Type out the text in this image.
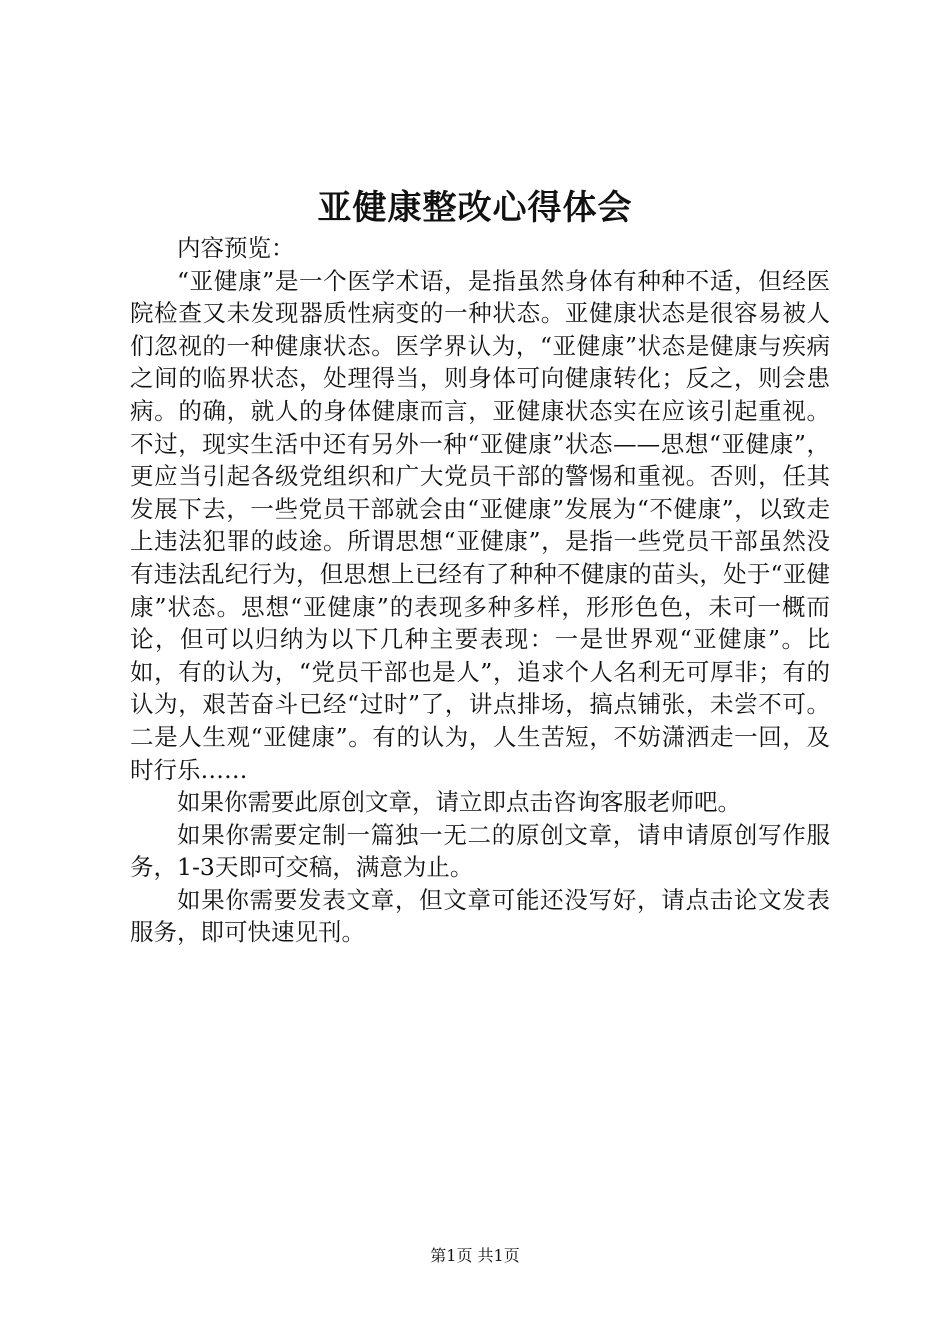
亚健康整改心得体会

内容预览：

“亚健康”是一个医学术语，是指虽然身体有种种不适，但经医院检查又未发现器质性病变的一种状态。亚健康状态是很容易被人们忽视的一种健康状态。医学界认为，“亚健康”状态是健康与疾病之间的临界状态，处理得当，则身体可向健康转化；反之，则会患病。的确，就人的身体健康而言，亚健康状态实在应该引起重视。不过，现实生活中还有另外一种“亚健康”状态——思想“亚健康”，更应当引起各级党组织和广大党员干部的警惕和重视。否则，任其发展下去，一些党员干部就会由“亚健康”发展为“不健康”，以致走上违法犯罪的歧途。所谓思想“亚健康”，是指一些党员干部虽然没有违法乱纪行为，但思想上已经有了种种不健康的苗头，处于“亚健康”状态。思想“亚健康”的表现多种多样，形形色色，未可一概而论，但可以归纳为以下几种主要表现：一是世界观“亚健康”。比如，有的认为，“党员干部也是人”，追求个人名利无可厚非；有的认为，艰苦奋斗已经“过时”了，讲点排场，搞点铺张，未尝不可。二是人生观“亚健康”。有的认为，人生苦短，不妨潇洒走一回，及时行乐……

如果你需要此原创文章，请立即点击咨询客服老师吧。

如果你需要定制一篇独一无二的原创文章，请申请原创写作服务，1-3天即可交稿，满意为止。

如果你需要发表文章，但文章可能还没写好，请点击论文发表服务，即可快速见刊。

第1页 共1页
